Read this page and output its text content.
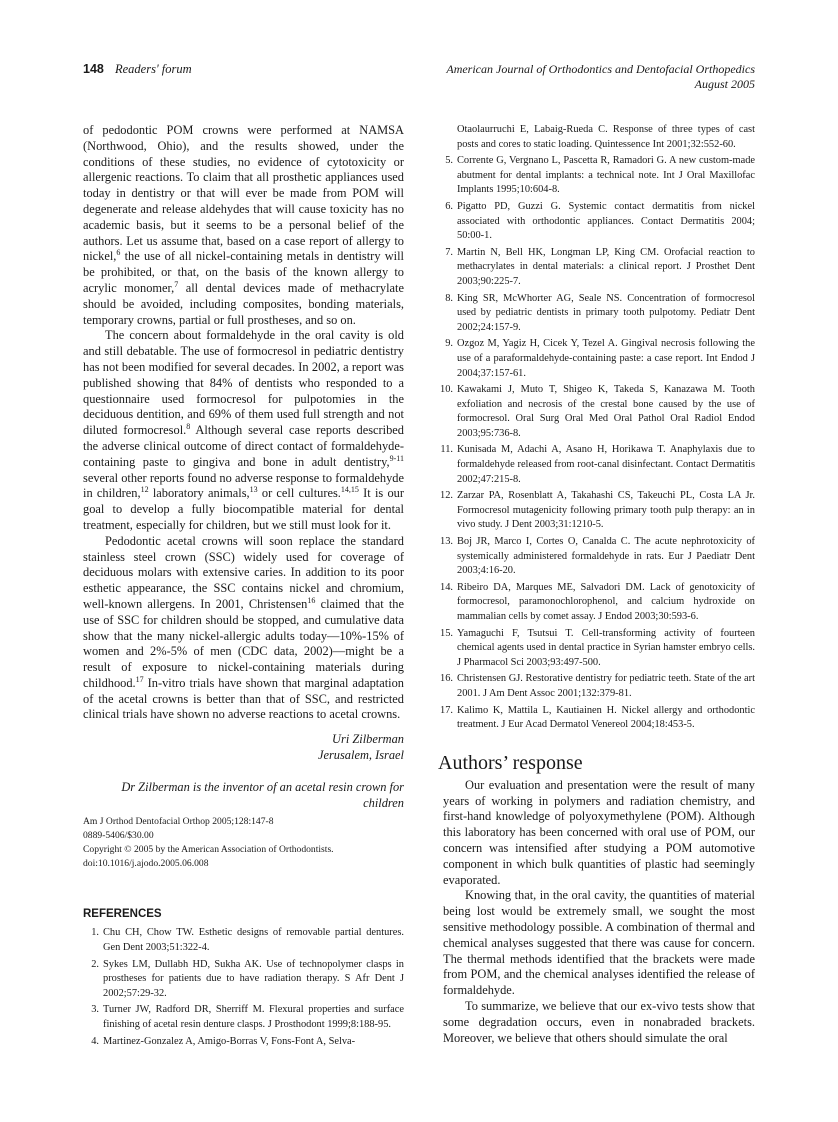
148 Readers' forum	American Journal of Orthodontics and Dentofacial Orthopedics
August 2005

of pedodontic POM crowns were performed at NAMSA (Northwood, Ohio), and the results showed, under the conditions of these studies, no evidence of cytotoxicity or allergenic reactions. To claim that all prosthetic appliances used today in dentistry or that will ever be made from POM will degenerate and release aldehydes that will cause toxicity has no academic basis, but it seems to be a personal belief of the authors. Let us assume that, based on a case report of allergy to nickel,$^6$ the use of all nickel-containing metals in dentistry will be prohibited, or that, on the basis of the known allergy to acrylic monomer,$^7$ all dental devices made of methacrylate should be avoided, including composites, bonding materials, temporary crowns, partial or full prostheses, and so on.

The concern about formaldehyde in the oral cavity is old and still debatable. The use of formocresol in pediatric dentistry has not been modified for several decades. In 2002, a report was published showing that 84% of dentists who responded to a questionnaire used formocresol for pulpotomies in the deciduous dentition, and 69% of them used full strength and not diluted formocresol.$^8$ Although several case reports described the adverse clinical outcome of direct contact of formaldehyde-containing paste to gingiva and bone in adult dentistry,$^{9-11}$ several other reports found no adverse response to formaldehyde in children,$^{12}$ laboratory animals,$^{13}$ or cell cultures.$^{14,15}$ It is our goal to develop a fully biocompatible material for dental treatment, especially for children, but we still must look for it.

Pedodontic acetal crowns will soon replace the standard stainless steel crown (SSC) widely used for coverage of deciduous molars with extensive caries. In addition to its poor esthetic appearance, the SSC contains nickel and chromium, well-known allergens. In 2001, Christensen$^{16}$ claimed that the use of SSC for children should be stopped, and cumulative data show that the many nickel-allergic adults today—10%-15% of women and 2%-5% of men (CDC data, 2002)—might be a result of exposure to nickel-containing materials during childhood.$^{17}$ In-vitro trials have shown that marginal adaptation of the acetal crowns is better than that of SSC, and restricted clinical trials have shown no adverse reactions to acetal crowns.

Uri Zilberman
Jerusalem, Israel
Dr Zilberman is the inventor of an acetal resin crown for children
Am J Orthod Dentofacial Orthop 2005;128:147-8
0889-5406/$30.00
Copyright © 2005 by the American Association of Orthodontists.
doi:10.1016/j.ajodo.2005.06.008
REFERENCES
1. Chu CH, Chow TW. Esthetic designs of removable partial dentures. Gen Dent 2003;51:322-4.
2. Sykes LM, Dullabh HD, Sukha AK. Use of technopolymer clasps in prostheses for patients due to have radiation therapy. S Afr Dent J 2002;57:29-32.
3. Turner JW, Radford DR, Sherriff M. Flexural properties and surface finishing of acetal resin denture clasps. J Prosthodont 1999;8:188-95.
4. Martinez-Gonzalez A, Amigo-Borras V, Fons-Font A, Selva-
Otaolaurruchi E, Labaig-Rueda C. Response of three types of cast posts and cores to static loading. Quintessence Int 2001;32:552-60.
5. Corrente G, Vergnano L, Pascetta R, Ramadori G. A new custom-made abutment for dental implants: a technical note. Int J Oral Maxillofac Implants 1995;10:604-8.
6. Pigatto PD, Guzzi G. Systemic contact dermatitis from nickel associated with orthodontic appliances. Contact Dermatitis 2004; 50:00-1.
7. Martin N, Bell HK, Longman LP, King CM. Orofacial reaction to methacrylates in dental materials: a clinical report. J Prosthet Dent 2003;90:225-7.
8. King SR, McWhorter AG, Seale NS. Concentration of formocresol used by pediatric dentists in primary tooth pulpotomy. Pediatr Dent 2002;24:157-9.
9. Ozgoz M, Yagiz H, Cicek Y, Tezel A. Gingival necrosis following the use of a paraformaldehyde-containing paste: a case report. Int Endod J 2004;37:157-61.
10. Kawakami J, Muto T, Shigeo K, Takeda S, Kanazawa M. Tooth exfoliation and necrosis of the crestal bone caused by the use of formocresol. Oral Surg Oral Med Oral Pathol Oral Radiol Endod 2003;95:736-8.
11. Kunisada M, Adachi A, Asano H, Horikawa T. Anaphylaxis due to formaldehyde released from root-canal disinfectant. Contact Dermatitis 2002;47:215-8.
12. Zarzar PA, Rosenblatt A, Takahashi CS, Takeuchi PL, Costa LA Jr. Formocresol mutagenicity following primary tooth pulp therapy: an in vivo study. J Dent 2003;31:1210-5.
13. Boj JR, Marco I, Cortes O, Canalda C. The acute nephrotoxicity of systemically administered formaldehyde in rats. Eur J Paediatr Dent 2003;4:16-20.
14. Ribeiro DA, Marques ME, Salvadori DM. Lack of genotoxicity of formocresol, paramonochlorophenol, and calcium hydroxide on mammalian cells by comet assay. J Endod 2003;30:593-6.
15. Yamaguchi F, Tsutsui T. Cell-transforming activity of fourteen chemical agents used in dental practice in Syrian hamster embryo cells. J Pharmacol Sci 2003;93:497-500.
16. Christensen GJ. Restorative dentistry for pediatric teeth. State of the art 2001. J Am Dent Assoc 2001;132:379-81.
17. Kalimo K, Mattila L, Kautiainen H. Nickel allergy and orthodontic treatment. J Eur Acad Dermatol Venereol 2004;18:453-5.
Authors’ response

Our evaluation and presentation were the result of many years of working in polymers and radiation chemistry, and first-hand knowledge of polyoxymethylene (POM). Although this laboratory has been concerned with oral use of POM, our concern was intensified after studying a POM automotive component in which bulk quantities of plastic had seemingly evaporated.

Knowing that, in the oral cavity, the quantities of material being lost would be extremely small, we sought the most sensitive methodology possible. A combination of thermal and chemical analyses suggested that there was cause for concern. The thermal methods identified that the brackets were made from POM, and the chemical analyses identified the release of formaldehyde.

To summarize, we believe that our ex-vivo tests show that some degradation occurs, even in nonabraded brackets. Moreover, we believe that others should simulate the oral
